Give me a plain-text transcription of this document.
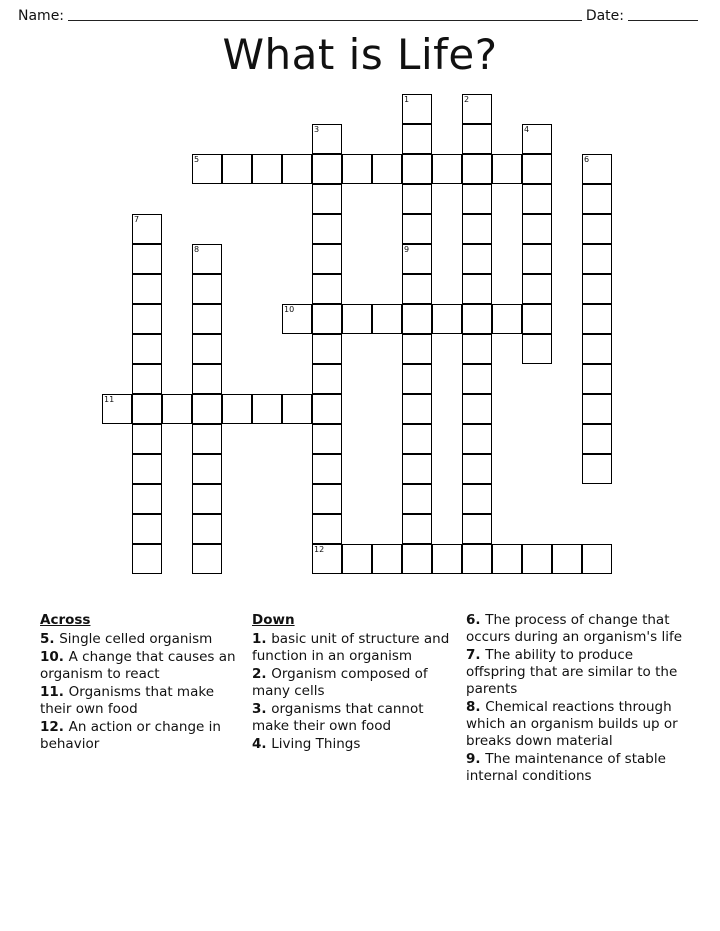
Name:	Date:
What is Life?
1	2
3	4
5	6
7
8	9
10
11
12
Across
5. Single celled organism
10. A change that causes an organism to react
11. Organisms that make their own food
12. An action or change in behavior
Down
1. basic unit of structure and function in an organism
2. Organism composed of many cells
3. organisms that cannot make their own food
4. Living Things
6. The process of change that occurs during an organism's life
7. The ability to produce offspring that are similar to the parents
8. Chemical reactions through which an organism builds up or breaks down material
9. The maintenance of stable internal conditions
